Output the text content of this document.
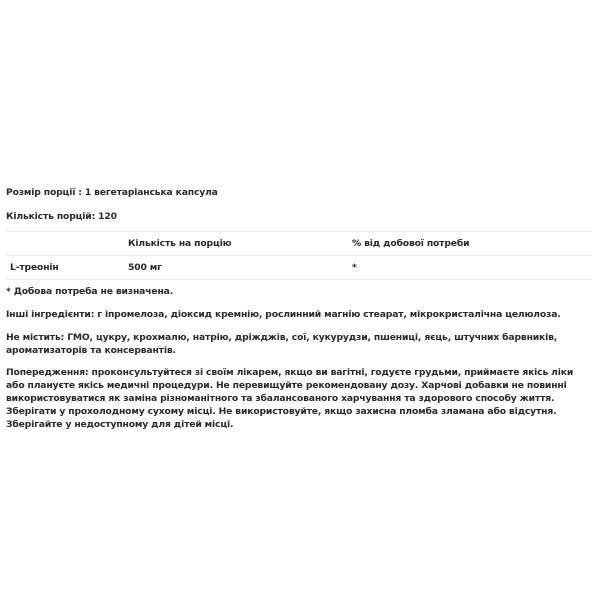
Розмір порції : 1 вегетаріанська капсула
Кількість порцій: 120
	Кількість на порцію	% від добової потреби
L-треонін	500 мг	*
* Добова потреба не визначена.
Інші інгредієнти: г іпромелоза, діоксид кремнію, рослинний магнію стеарат, мікрокристалічна целюлоза.
Не містить: ГМО, цукру, крохмалю, натрію, дріжджів, сої, кукурудзи, пшениці, яєць, штучних барвників, ароматизаторів та консервантів.
Попередження: проконсультуйтеся зі своїм лікарем, якщо ви вагітні, годуєте грудьми, приймаєте якісь ліки або плануєте якісь медичні процедури. Не перевищуйте рекомендовану дозу. Харчові добавки не повинні використовуватися як заміна різноманітного та збалансованого харчування та здорового способу життя. Зберігати у прохолодному сухому місці. Не використовуйте, якщо захисна пломба зламана або відсутня. Зберігайте у недоступному для дітей місці.
